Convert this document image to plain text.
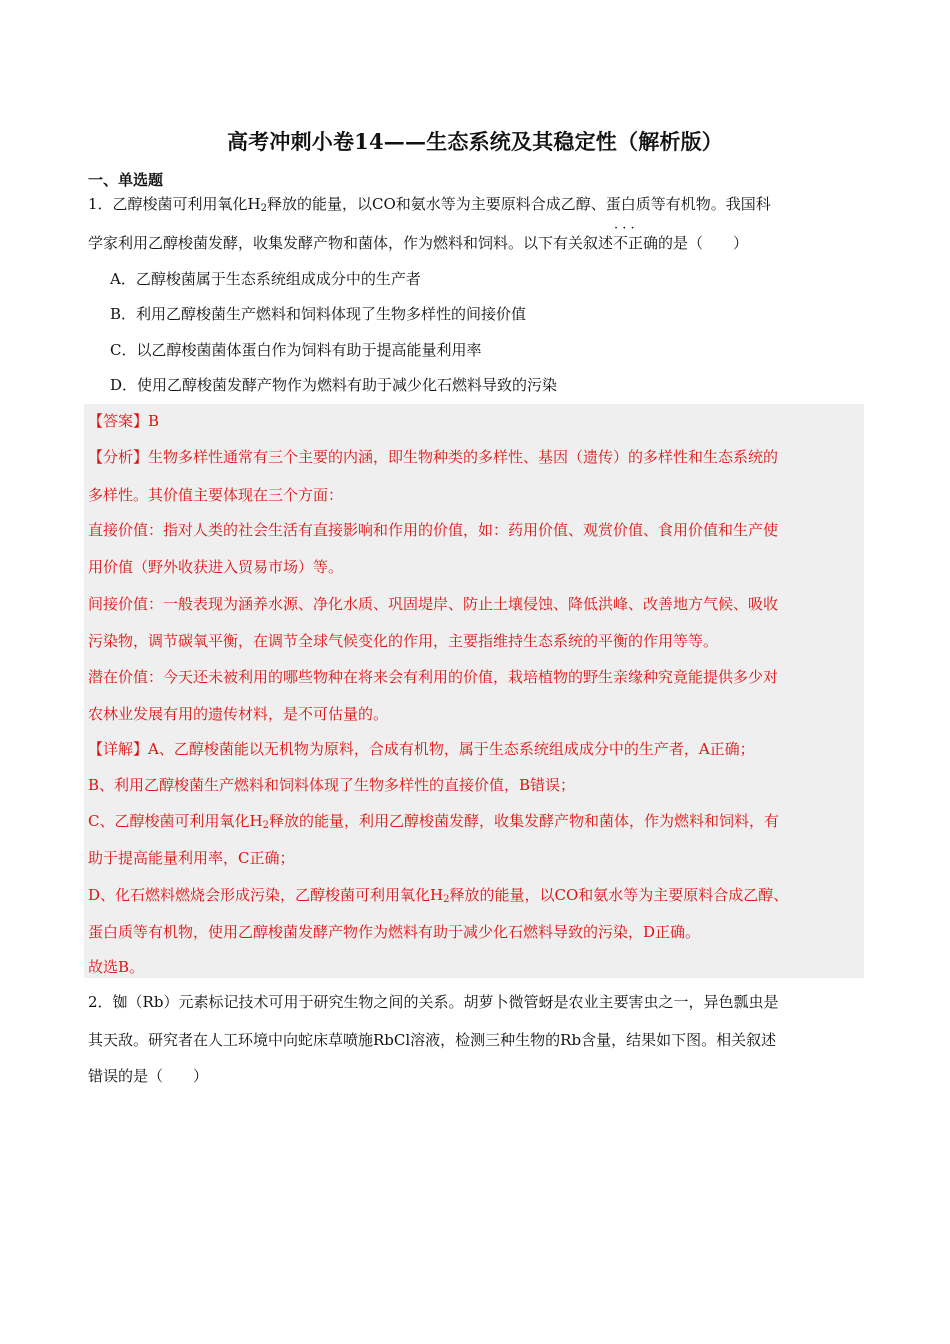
高考冲刺小卷14——生态系统及其稳定性（解析版）
一、单选题
1．乙醇梭菌可利用氧化$H_2$释放的能量，以CO和氨水等为主要原料合成乙醇、蛋白质等有机物。我国科
学家利用乙醇梭菌发酵，收集发酵产物和菌体，作为燃料和饲料。以下有关叙述· · · 不正确的是（　　）
A．乙醇梭菌属于生态系统组成成分中的生产者
B．利用乙醇梭菌生产燃料和饲料体现了生物多样性的间接价值
C．以乙醇梭菌菌体蛋白作为饲料有助于提高能量利用率
D．使用乙醇梭菌发酵产物作为燃料有助于减少化石燃料导致的污染
【答案】B
【分析】生物多样性通常有三个主要的内涵，即生物种类的多样性、基因（遗传）的多样性和生态系统的
多样性。其价值主要体现在三个方面：
直接价值：指对人类的社会生活有直接影响和作用的价值，如：药用价值、观赏价值、食用价值和生产使
用价值（野外收获进入贸易市场）等。
间接价值：一般表现为涵养水源、净化水质、巩固堤岸、防止土壤侵蚀、降低洪峰、改善地方气候、吸收
污染物，调节碳氧平衡，在调节全球气候变化的作用，主要指维持生态系统的平衡的作用等等。
潜在价值：今天还未被利用的哪些物种在将来会有利用的价值，栽培植物的野生亲缘种究竟能提供多少对
农林业发展有用的遗传材料，是不可估量的。
【详解】A、乙醇梭菌能以无机物为原料，合成有机物，属于生态系统组成成分中的生产者，A正确；
B、利用乙醇梭菌生产燃料和饲料体现了生物多样性的直接价值，B错误；
C、乙醇梭菌可利用氧化$H_2$释放的能量，利用乙醇梭菌发酵，收集发酵产物和菌体，作为燃料和饲料，有
助于提高能量利用率，C正确；
D、化石燃料燃烧会形成污染，乙醇梭菌可利用氧化$H_2$释放的能量，以CO和氨水等为主要原料合成乙醇、
蛋白质等有机物，使用乙醇梭菌发酵产物作为燃料有助于减少化石燃料导致的污染，D正确。
故选B。
2．铷（Rb）元素标记技术可用于研究生物之间的关系。胡萝卜微管蚜是农业主要害虫之一，异色瓢虫是
其天敌。研究者在人工环境中向蛇床草喷施RbCl溶液，检测三种生物的Rb含量，结果如下图。相关叙述
错误的是（　　）
